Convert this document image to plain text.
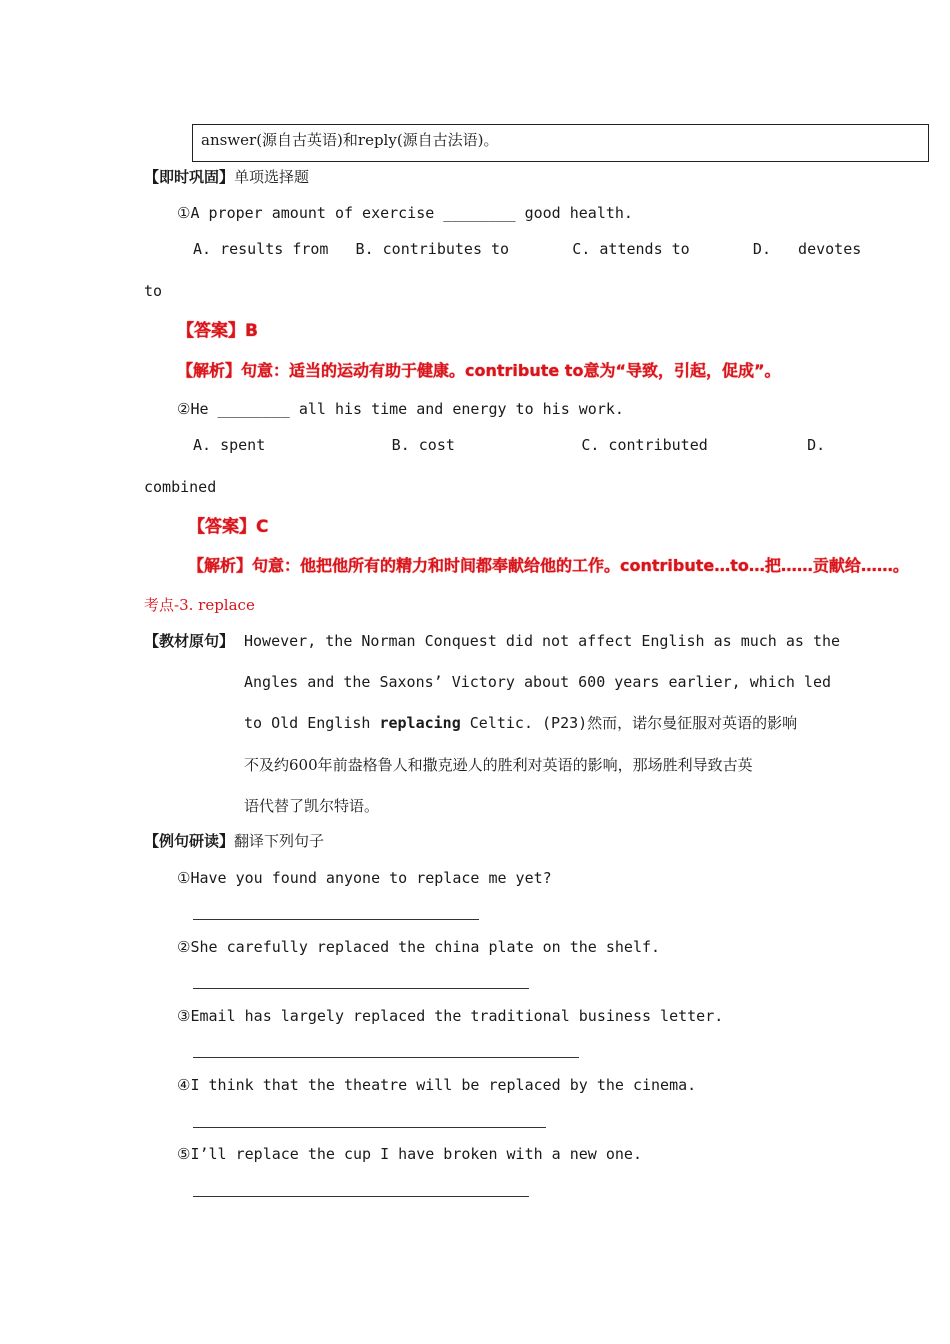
answer(源自古英语)和reply(源自古法语)。
【即时巩固】单项选择题
①A proper amount of exercise ________ good health.
A. results from   B. contributes to       C. attends to       D.   devotes
to
【答案】B
【解析】句意：适当的运动有助于健康。contribute to意为“导致，引起，促成”。
②He ________ all his time and energy to his work.
A. spent              B. cost              C. contributed           D.
combined
【答案】C
【解析】句意：他把他所有的精力和时间都奉献给他的工作。contribute…to…把……贡献给……。
考点-3. replace
【教材原句】 However, the Norman Conquest did not affect English as much as the
Angles and the Saxons’ Victory about 600 years earlier, which led
to Old English replacing Celtic. (P23)然而，诺尔曼征服对英语的影响
不及约600年前盎格鲁人和撒克逊人的胜利对英语的影响，那场胜利导致古英
语代替了凯尔特语。
【例句研读】翻译下列句子
①Have you found anyone to replace me yet?
②She carefully replaced the china plate on the shelf.
③Email has largely replaced the traditional business letter.
④I think that the theatre will be replaced by the cinema.
⑤I’ll replace the cup I have broken with a new one.
